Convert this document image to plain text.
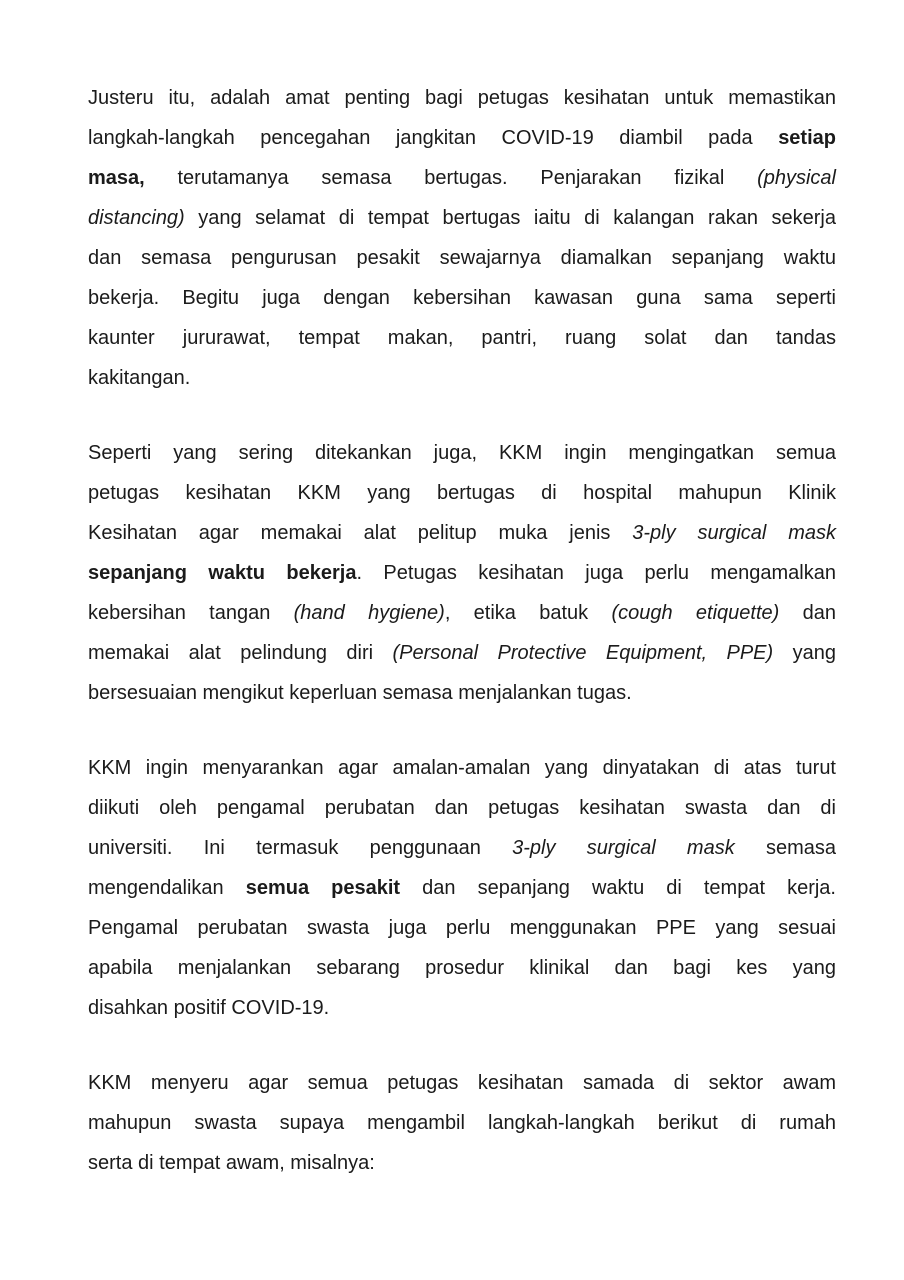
Justeru itu, adalah amat penting bagi petugas kesihatan untuk memastikan
langkah-langkah pencegahan jangkitan COVID-19 diambil pada setiap
masa, terutamanya semasa bertugas. Penjarakan fizikal (physical
distancing) yang selamat di tempat bertugas iaitu di kalangan rakan sekerja
dan semasa pengurusan pesakit sewajarnya diamalkan sepanjang waktu
bekerja. Begitu juga dengan kebersihan kawasan guna sama seperti
kaunter jururawat, tempat makan, pantri, ruang solat dan tandas
kakitangan.
Seperti yang sering ditekankan juga, KKM ingin mengingatkan semua
petugas kesihatan KKM yang bertugas di hospital mahupun Klinik
Kesihatan agar memakai alat pelitup muka jenis 3-ply surgical mask
sepanjang waktu bekerja. Petugas kesihatan juga perlu mengamalkan
kebersihan tangan (hand hygiene), etika batuk (cough etiquette) dan
memakai alat pelindung diri (Personal Protective Equipment, PPE) yang
bersesuaian mengikut keperluan semasa menjalankan tugas.
KKM ingin menyarankan agar amalan-amalan yang dinyatakan di atas turut
diikuti oleh pengamal perubatan dan petugas kesihatan swasta dan di
universiti. Ini termasuk penggunaan 3-ply surgical mask semasa
mengendalikan semua pesakit dan sepanjang waktu di tempat kerja.
Pengamal perubatan swasta juga perlu menggunakan PPE yang sesuai
apabila menjalankan sebarang prosedur klinikal dan bagi kes yang
disahkan positif COVID-19.
KKM menyeru agar semua petugas kesihatan samada di sektor awam
mahupun swasta supaya mengambil langkah-langkah berikut di rumah
serta di tempat awam, misalnya:
